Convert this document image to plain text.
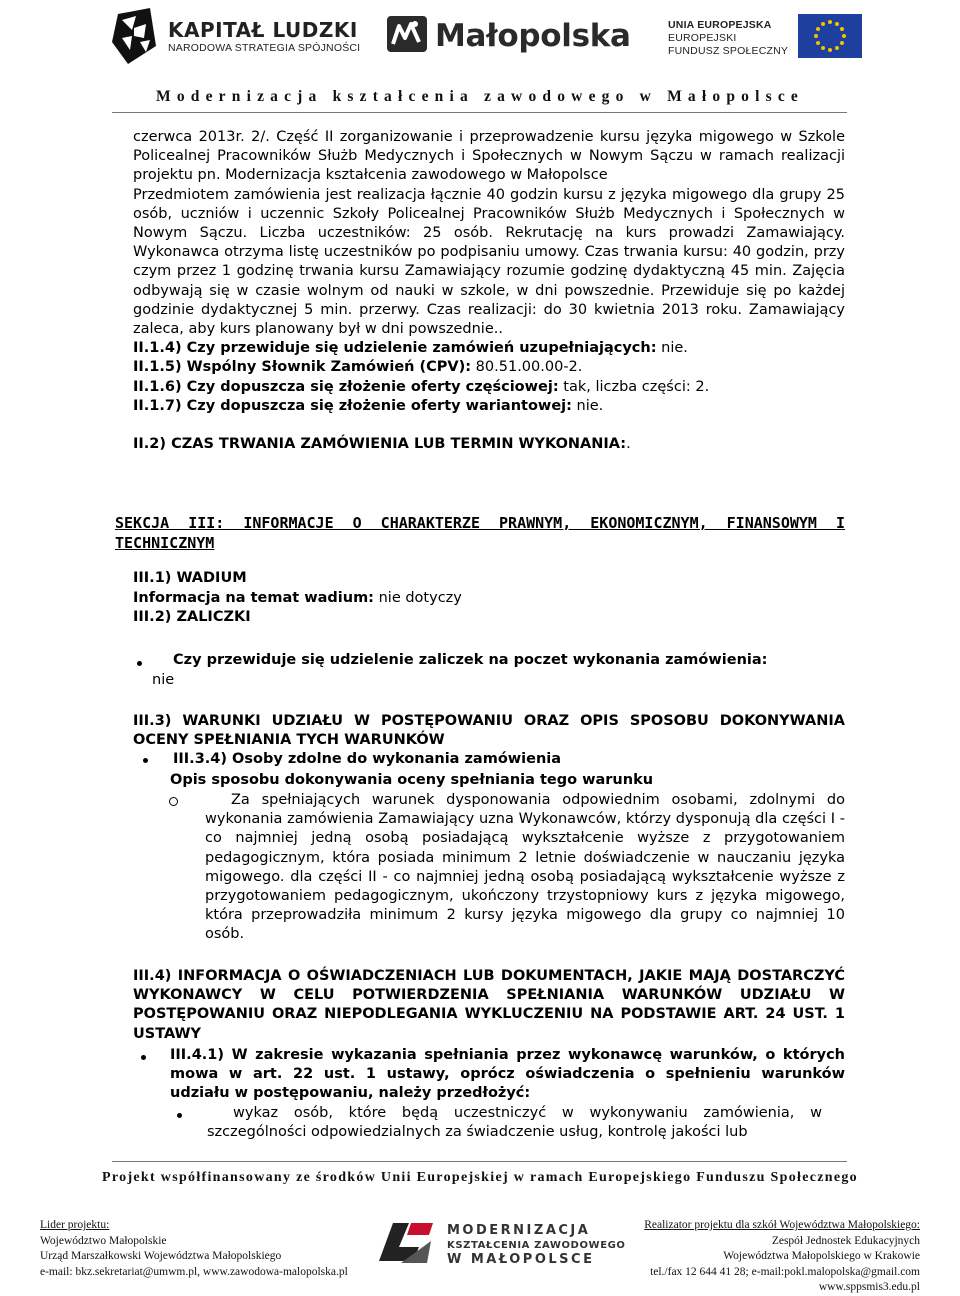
KAPITAŁ LUDZKI
NARODOWA STRATEGIA SPÓJNOŚCI Małopolska	UNIA EUROPEJSKA
EUROPEJSKI
FUNDUSZ SPOŁECZNY
Modernizacja kształcenia zawodowego w Małopolsce

czerwca 2013r. 2/. Część II zorganizowanie i przeprowadzenie kursu języka migowego w Szkole Policealnej Pracowników Służb Medycznych i Społecznych w Nowym Sączu w ramach realizacji projektu pn. Modernizacja kształcenia zawodowego w Małopolsce

Przedmiotem zamówienia jest realizacja łącznie 40 godzin kursu z języka migowego dla grupy 25 osób, uczniów i uczennic Szkoły Policealnej Pracowników Służb Medycznych i Społecznych w Nowym Sączu. Liczba uczestników: 25 osób. Rekrutację na kurs prowadzi Zamawiający. Wykonawca otrzyma listę uczestników po podpisaniu umowy. Czas trwania kursu: 40 godzin, przy czym przez 1 godzinę trwania kursu Zamawiający rozumie godzinę dydaktyczną 45 min. Zajęcia odbywają się w czasie wolnym od nauki w szkole, w dni powszednie. Przewiduje się po każdej godzinie dydaktycznej 5 min. przerwy. Czas realizacji: do 30 kwietnia 2013 roku. Zamawiający zaleca, aby kurs planowany był w dni powszednie..

II.1.4) Czy przewiduje się udzielenie zamówień uzupełniających: nie.

II.1.5) Wspólny Słownik Zamówień (CPV): 80.51.00.00-2.

II.1.6) Czy dopuszcza się złożenie oferty częściowej: tak, liczba części: 2.

II.1.7) Czy dopuszcza się złożenie oferty wariantowej: nie.

II.2) CZAS TRWANIA ZAMÓWIENIA LUB TERMIN WYKONANIA:.

SEKCJA III: INFORMACJE O CHARAKTERZE PRAWNYM, EKONOMICZNYM, FINANSOWYM I TECHNICZNYM
III.1) WADIUM
Informacja na temat wadium: nie dotyczy
III.2) ZALICZKI
Czy przewiduje się udzielenie zaliczek na poczet wykonania zamówienia:
nie
III.3) WARUNKI UDZIAŁU W POSTĘPOWANIU ORAZ OPIS SPOSOBU DOKONYWANIA OCENY SPEŁNIANIA TYCH WARUNKÓW
III.3.4) Osoby zdolne do wykonania zamówienia
Opis sposobu dokonywania oceny spełniania tego warunku
Za spełniających warunek dysponowania odpowiednim osobami, zdolnymi do wykonania zamówienia Zamawiający uzna Wykonawców, którzy dysponują dla części I - co najmniej jedną osobą posiadającą wykształcenie wyższe z przygotowaniem pedagogicznym, która posiada minimum 2 letnie doświadczenie w nauczaniu języka migowego. dla części II - co najmniej jedną osobą posiadającą wykształcenie wyższe z przygotowaniem pedagogicznym, ukończony trzystopniowy kurs z języka migowego, która przeprowadziła minimum 2 kursy języka migowego dla grupy co najmniej 10 osób.
III.4) INFORMACJA O OŚWIADCZENIACH LUB DOKUMENTACH, JAKIE MAJĄ DOSTARCZYĆ WYKONAWCY W CELU POTWIERDZENIA SPEŁNIANIA WARUNKÓW UDZIAŁU W POSTĘPOWANIU ORAZ NIEPODLEGANIA WYKLUCZENIU NA PODSTAWIE ART. 24 UST. 1 USTAWY
III.4.1) W zakresie wykazania spełniania przez wykonawcę warunków, o których mowa w art. 22 ust. 1 ustawy, oprócz oświadczenia o spełnieniu warunków udziału w postępowaniu, należy przedłożyć:
wykaz osób, które będą uczestniczyć w wykonywaniu zamówienia, w szczególności odpowiedzialnych za świadczenie usług, kontrolę jakości lub
Projekt współfinansowany ze środków Unii Europejskiej w ramach Europejskiego Funduszu Społecznego
Lider projektu:
Województwo Małopolskie
Urząd Marszałkowski Województwa Małopolskiego
e-mail: bkz.sekretariat@umwm.pl, www.zawodowa-malopolska.pl
MODERNIZACJA
KSZTAŁCENIA ZAWODOWEGO
W MAŁOPOLSCE
Realizator projektu dla szkół Województwa Małopolskiego:
Zespół Jednostek Edukacyjnych
Województwa Małopolskiego w Krakowie
tel./fax 12 644 41 28; e-mail:pokl.malopolska@gmail.com
www.sppsmis3.edu.pl
